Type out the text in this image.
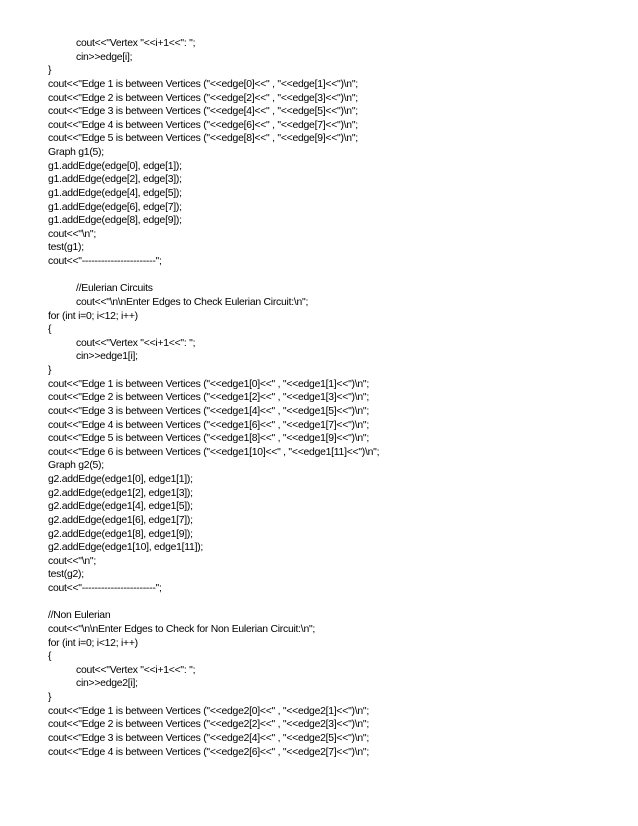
cout<<"Vertex "<<i+1<<": ";
cin>>edge[i];
}
cout<<"Edge 1 is between Vertices ("<<edge[0]<<" , "<<edge[1]<<")\n";
cout<<"Edge 2 is between Vertices ("<<edge[2]<<" , "<<edge[3]<<")\n";
cout<<"Edge 3 is between Vertices ("<<edge[4]<<" , "<<edge[5]<<")\n";
cout<<"Edge 4 is between Vertices ("<<edge[6]<<" , "<<edge[7]<<")\n";
cout<<"Edge 5 is between Vertices ("<<edge[8]<<" , "<<edge[9]<<")\n";
Graph g1(5);
g1.addEdge(edge[0], edge[1]);
g1.addEdge(edge[2], edge[3]);
g1.addEdge(edge[4], edge[5]);
g1.addEdge(edge[6], edge[7]);
g1.addEdge(edge[8], edge[9]);
cout<<"\n";
test(g1);
cout<<"-----------------------";
//Eulerian Circuits
cout<<"\n\nEnter Edges to Check Eulerian Circuit:\n";
for (int i=0; i<12; i++)
{
cout<<"Vertex "<<i+1<<": ";
cin>>edge1[i];
}
cout<<"Edge 1 is between Vertices ("<<edge1[0]<<" , "<<edge1[1]<<")\n";
cout<<"Edge 2 is between Vertices ("<<edge1[2]<<" , "<<edge1[3]<<")\n";
cout<<"Edge 3 is between Vertices ("<<edge1[4]<<" , "<<edge1[5]<<")\n";
cout<<"Edge 4 is between Vertices ("<<edge1[6]<<" , "<<edge1[7]<<")\n";
cout<<"Edge 5 is between Vertices ("<<edge1[8]<<" , "<<edge1[9]<<")\n";
cout<<"Edge 6 is between Vertices ("<<edge1[10]<<" , "<<edge1[11]<<")\n";
Graph g2(5);
g2.addEdge(edge1[0], edge1[1]);
g2.addEdge(edge1[2], edge1[3]);
g2.addEdge(edge1[4], edge1[5]);
g2.addEdge(edge1[6], edge1[7]);
g2.addEdge(edge1[8], edge1[9]);
g2.addEdge(edge1[10], edge1[11]);
cout<<"\n";
test(g2);
cout<<"-----------------------";
//Non Eulerian
cout<<"\n\nEnter Edges to Check for Non Eulerian Circuit:\n";
for (int i=0; i<12; i++)
{
cout<<"Vertex "<<i+1<<": ";
cin>>edge2[i];
}
cout<<"Edge 1 is between Vertices ("<<edge2[0]<<" , "<<edge2[1]<<")\n";
cout<<"Edge 2 is between Vertices ("<<edge2[2]<<" , "<<edge2[3]<<")\n";
cout<<"Edge 3 is between Vertices ("<<edge2[4]<<" , "<<edge2[5]<<")\n";
cout<<"Edge 4 is between Vertices ("<<edge2[6]<<" , "<<edge2[7]<<")\n";
